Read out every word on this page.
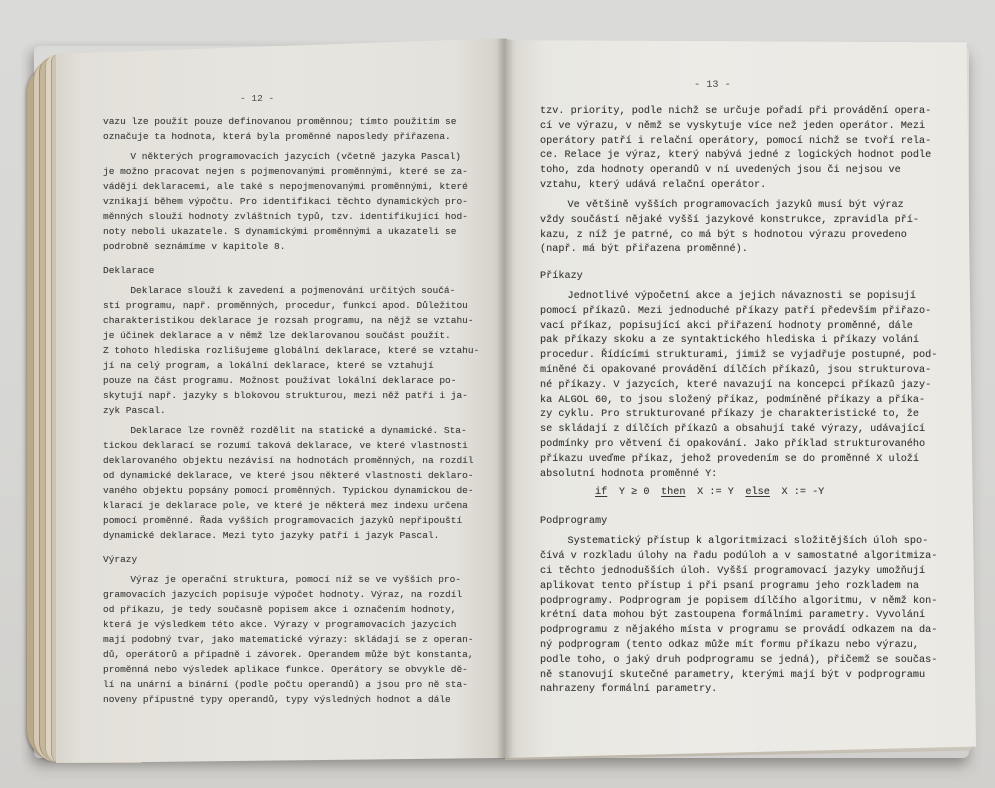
- 12 -
- 13 -
vazu lze použít pouze definovanou proměnnou; tímto použitím se
označuje ta hodnota, která byla proměnné naposledy přiřazena.
V některých programovacích jazycích (včetně jazyka Pascal)
je možno pracovat nejen s pojmenovanými proměnnými, které se za-
vádějí deklaracemi, ale také s nepojmenovanými proměnnými, které
vznikají během výpočtu. Pro identifikaci těchto dynamických pro-
měnných slouží hodnoty zvláštních typů, tzv. identifikující hod-
noty neboli ukazatele. S dynamickými proměnnými a ukazateli se
podrobně seznámíme v kapitole 8.
Deklarace
Deklarace slouží k zavedení a pojmenování určitých součá-
stí programu, např. proměnných, procedur, funkcí apod. Důležitou
charakteristikou deklarace je rozsah programu, na nějž se vztahu-
je účinek deklarace a v němž lze deklarovanou součást použít.
Z tohoto hlediska rozlišujeme globální deklarace, které se vztahu-
jí na celý program, a lokální deklarace, které se vztahují
pouze na část programu. Možnost používat lokální deklarace po-
skytují např. jazyky s blokovou strukturou, mezi něž patří i ja-
zyk Pascal.
Deklarace lze rovněž rozdělit na statické a dynamické. Sta-
tickou deklarací se rozumí taková deklarace, ve které vlastnosti
deklarovaného objektu nezávisí na hodnotách proměnných, na rozdíl
od dynamické deklarace, ve které jsou některé vlastnosti deklaro-
vaného objektu popsány pomocí proměnných. Typickou dynamickou de-
klarací je deklarace pole, ve které je některá mez indexu určena
pomocí proměnné. Řada vyšších programovacích jazyků nepřipouští
dynamické deklarace. Mezi tyto jazyky patří i jazyk Pascal.
Výrazy
Výraz je operační struktura, pomocí níž se ve vyšších pro-
gramovacích jazycích popisuje výpočet hodnoty. Výraz, na rozdíl
od příkazu, je tedy současně popisem akce i označením hodnoty,
která je výsledkem této akce. Výrazy v programovacích jazycích
mají podobný tvar, jako matematické výrazy: skládají se z operan-
dů, operátorů a případně i závorek. Operandem může být konstanta,
proměnná nebo výsledek aplikace funkce. Operátory se obvykle dě-
lí na unární a binární (podle počtu operandů) a jsou pro ně sta-
noveny přípustné typy operandů, typy výsledných hodnot a dále
tzv. priority, podle nichž se určuje pořadí při provádění opera-
cí ve výrazu, v němž se vyskytuje více než jeden operátor. Mezi
operátory patří i relační operátory, pomocí nichž se tvoří rela-
ce. Relace je výraz, který nabývá jedné z logických hodnot podle
toho, zda hodnoty operandů v ní uvedených jsou či nejsou ve
vztahu, který udává relační operátor.
Ve většině vyšších programovacích jazyků musí být výraz
vždy součástí nějaké vyšší jazykové konstrukce, zpravidla pří-
kazu, z níž je patrné, co má být s hodnotou výrazu provedeno
(např. má být přiřazena proměnné).
Příkazy
Jednotlivé výpočetní akce a jejich návaznosti se popisují
pomocí příkazů. Mezi jednoduché příkazy patří především přiřazo-
vací příkaz, popisující akci přiřazení hodnoty proměnné, dále
pak příkazy skoku a ze syntaktického hlediska i příkazy volání
procedur. Řídícími strukturami, jimiž se vyjadřuje postupné, pod-
míněné či opakované provádění dílčích příkazů, jsou strukturova-
né příkazy. V jazycích, které navazují na koncepci příkazů jazy-
ka ALGOL 60, to jsou složený příkaz, podmíněné příkazy a příka-
zy cyklu. Pro strukturované příkazy je charakteristické to, že
se skládají z dílčích příkazů a obsahují také výrazy, udávající
podmínky pro větvení či opakování. Jako příklad strukturovaného
příkazu uveďme příkaz, jehož provedením se do proměnné X uloží
absolutní hodnota proměnné Y:
if Y ≥ 0 then X := Y else X := -Y
Podprogramy
Systematický přístup k algoritmizaci složitějších úloh spo-
čívá v rozkladu úlohy na řadu podúloh a v samostatné algoritmiza-
ci těchto jednodušších úloh. Vyšší programovací jazyky umožňují
aplikovat tento přístup i při psaní programu jeho rozkladem na
podprogramy. Podprogram je popisem dílčího algoritmu, v němž kon-
krétní data mohou být zastoupena formálními parametry. Vyvolání
podprogramu z nějakého místa v programu se provádí odkazem na da-
ný podprogram (tento odkaz může mít formu příkazu nebo výrazu,
podle toho, o jaký druh podprogramu se jedná), přičemž se součas-
ně stanovují skutečné parametry, kterými mají být v podprogramu
nahrazeny formální parametry.
